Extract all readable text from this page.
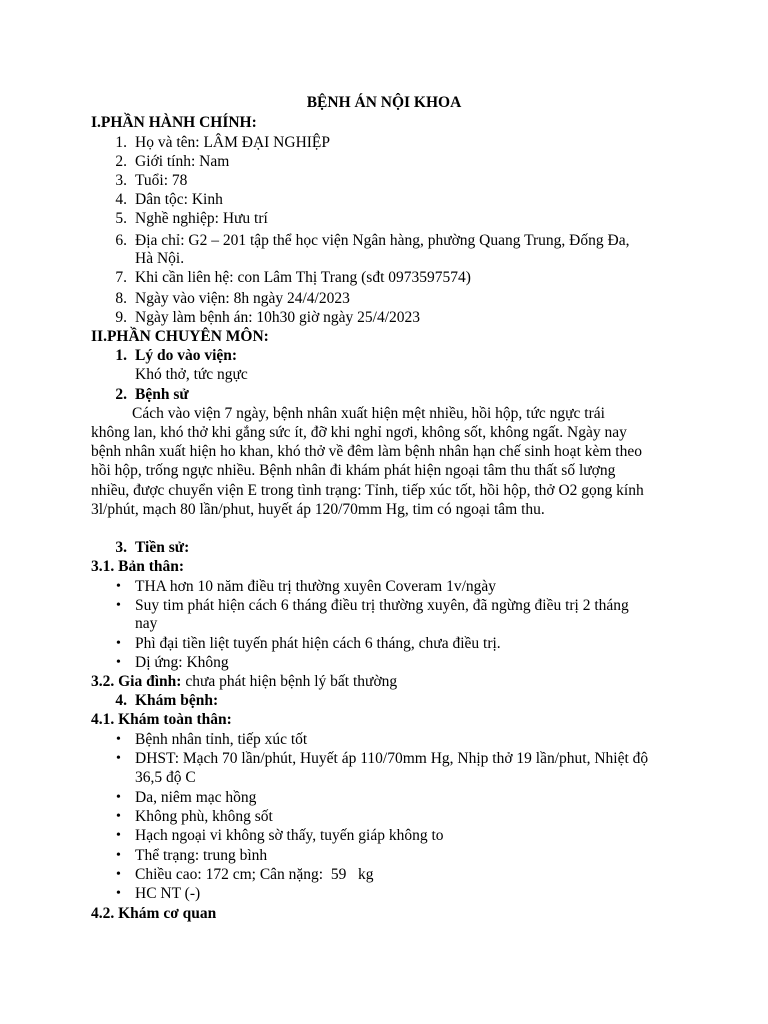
BỆNH ÁN NỘI KHOA
I.PHẦN HÀNH CHÍNH:
1. Họ và tên: LÂM ĐẠI NGHIỆP
2. Giới tính: Nam
3. Tuổi: 78
4. Dân tộc: Kinh
5. Nghề nghiệp: Hưu trí
6. Địa chỉ: G2 – 201 tập thể học viện Ngân hàng, phường Quang Trung, Đống Đa,
Hà Nội.
7. Khi cần liên hệ: con Lâm Thị Trang (sđt 0973597574)
8. Ngày vào viện: 8h ngày 24/4/2023
9. Ngày làm bệnh án: 10h30 giờ ngày 25/4/2023
II.PHẦN CHUYÊN MÔN:
1. Lý do vào viện:
Khó thở, tức ngực
2. Bệnh sử
Cách vào viện 7 ngày, bệnh nhân xuất hiện mệt nhiều, hồi hộp, tức ngực trái
không lan, khó thở khi gắng sức ít, đỡ khi nghỉ ngơi, không sốt, không ngất. Ngày nay
bệnh nhân xuất hiện ho khan, khó thở về đêm làm bệnh nhân hạn chế sinh hoạt kèm theo
hồi hộp, trống ngực nhiều. Bệnh nhân đi khám phát hiện ngoại tâm thu thất số lượng
nhiều, được chuyển viện E trong tình trạng: Tỉnh, tiếp xúc tốt, hồi hộp, thở O2 gọng kính
3l/phút, mạch 80 lần/phut, huyết áp 120/70mm Hg, tim có ngoại tâm thu.
3. Tiền sử:
3.1. Bản thân:
• THA hơn 10 năm điều trị thường xuyên Coveram 1v/ngày
• Suy tim phát hiện cách 6 tháng điều trị thường xuyên, đã ngừng điều trị 2 tháng
nay
• Phì đại tiền liệt tuyến phát hiện cách 6 tháng, chưa điều trị.
• Dị ứng: Không
3.2. Gia đình: chưa phát hiện bệnh lý bất thường
4. Khám bệnh:
4.1. Khám toàn thân:
• Bệnh nhân tỉnh, tiếp xúc tốt
• DHST: Mạch 70 lần/phút, Huyết áp 110/70mm Hg, Nhịp thở 19 lần/phut, Nhiệt độ
36,5 độ C
• Da, niêm mạc hồng
• Không phù, không sốt
• Hạch ngoại vi không sờ thấy, tuyến giáp không to
• Thể trạng: trung bình
• Chiều cao: 172 cm; Cân nặng:  59   kg
• HC NT (-)
4.2. Khám cơ quan
